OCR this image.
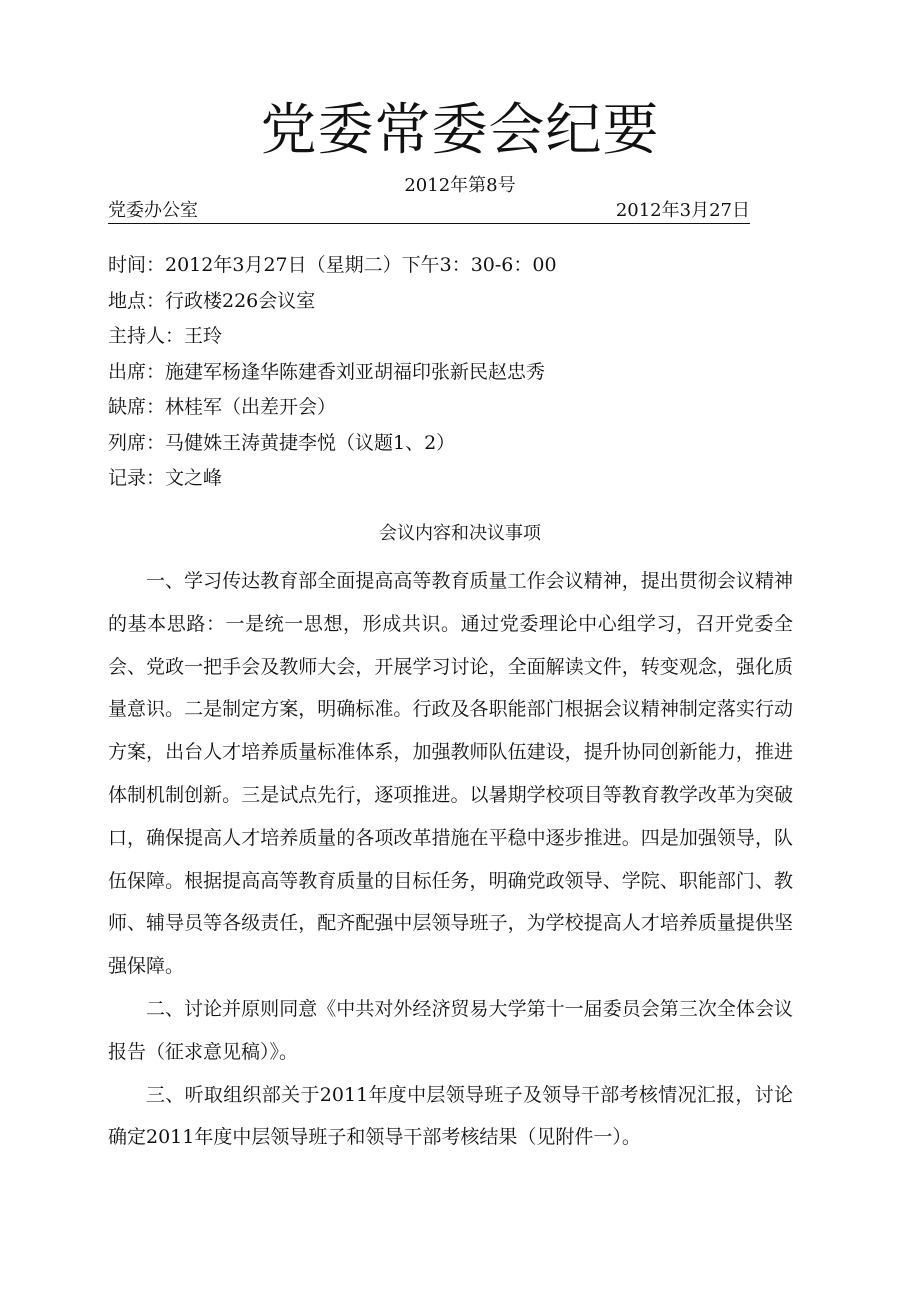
党委常委会纪要
2012年第8号
党委办公室	2012年3月27日
时间：2012年3月27日（星期二）下午3：30-6：00
地点：行政楼226会议室
主持人：王玲
出席：施建军杨逢华陈建香刘亚胡福印张新民赵忠秀
缺席：林桂军（出差开会）
列席：马健姝王涛黄捷李悦（议题1、2）
记录：文之峰
会议内容和决议事项

一、学习传达教育部全面提高高等教育质量工作会议精神，提出贯彻会议精神的基本思路：一是统一思想，形成共识。通过党委理论中心组学习，召开党委全会、党政一把手会及教师大会，开展学习讨论，全面解读文件，转变观念，强化质量意识。二是制定方案，明确标准。行政及各职能部门根据会议精神制定落实行动方案，出台人才培养质量标准体系，加强教师队伍建设，提升协同创新能力，推进体制机制创新。三是试点先行，逐项推进。以暑期学校项目等教育教学改革为突破口，确保提高人才培养质量的各项改革措施在平稳中逐步推进。四是加强领导，队伍保障。根据提高高等教育质量的目标任务，明确党政领导、学院、职能部门、教师、辅导员等各级责任，配齐配强中层领导班子，为学校提高人才培养质量提供坚强保障。

二、讨论并原则同意《中共对外经济贸易大学第十一届委员会第三次全体会议报告（征求意见稿）》。

三、听取组织部关于2011年度中层领导班子及领导干部考核情况汇报，讨论确定2011年度中层领导班子和领导干部考核结果（见附件一）。
